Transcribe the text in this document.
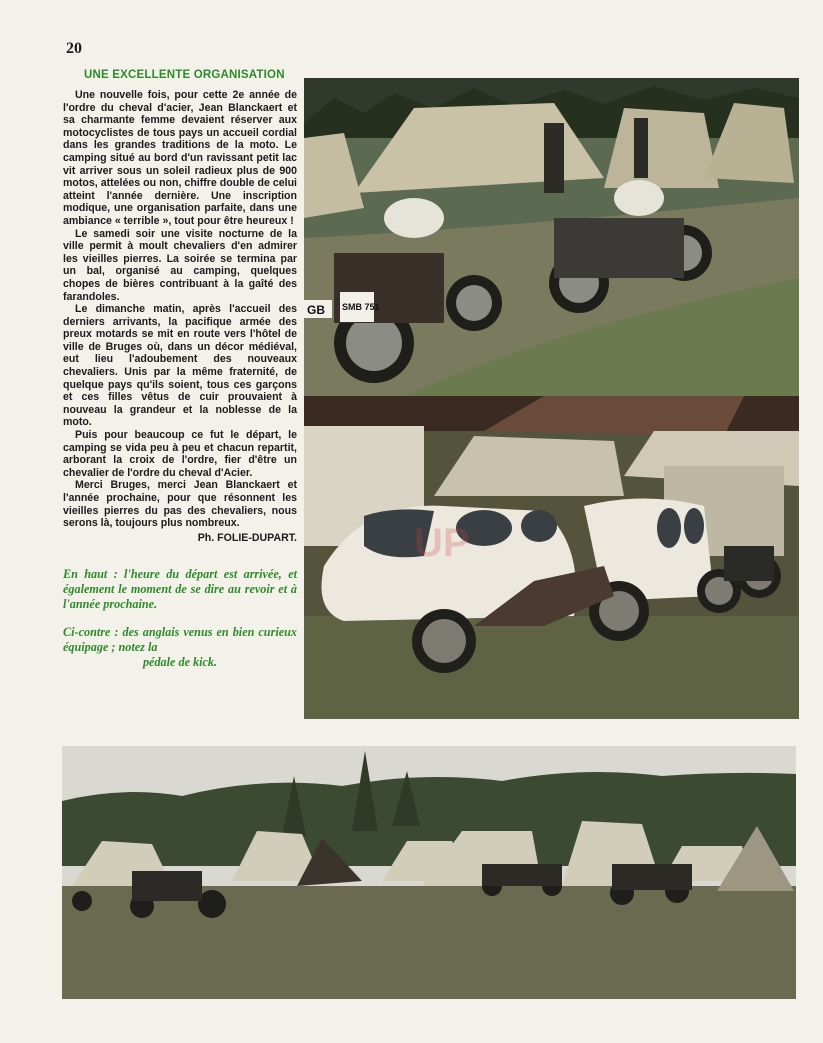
20
UNE EXCELLENTE ORGANISATION

Une nouvelle fois, pour cette 2e année de l'ordre du cheval d'acier, Jean Blanckaert et sa charmante femme devaient réserver aux motocyclistes de tous pays un accueil cordial dans les grandes traditions de la moto. Le camping situé au bord d'un ravissant petit lac vit arriver sous un soleil radieux plus de 900 motos, attelées ou non, chiffre double de celui atteint l'année dernière. Une inscription modique, une organisation parfaite, dans une ambiance « terrible », tout pour être heureux !

Le samedi soir une visite nocturne de la ville permit à moult chevaliers d'en admirer les vieilles pierres. La soirée se termina par un bal, organisé au camping, quelques chopes de bières contribuant à la gaîté des farandoles.

Le dimanche matin, après l'accueil des derniers arrivants, la pacifique armée des preux motards se mit en route vers l'hôtel de ville de Bruges où, dans un décor médiéval, eut lieu l'adoubement des nouveaux chevaliers. Unis par la même fraternité, de quelque pays qu'ils soient, tous ces garçons et ces filles vêtus de cuir prouvaient à nouveau la grandeur et la noblesse de la moto.

Puis pour beaucoup ce fut le départ, le camping se vida peu à peu et chacun repartit, arborant la croix de l'ordre, fier d'être un chevalier de l'ordre du cheval d'Acier.

Merci Bruges, merci Jean Blanckaert et l'année prochaine, pour que résonnent les vieilles pierres du pas des chevaliers, nous serons là, toujours plus nombreux.

Ph. FOLIE-DUPART.
En haut : l'heure du départ est arrivée, et également le moment de se dire au revoir et à l'année prochaine.
Ci-contre : des anglais venus en bien curieux équipage ; notez la
pédale de kick.
GB SMB 751
UP
